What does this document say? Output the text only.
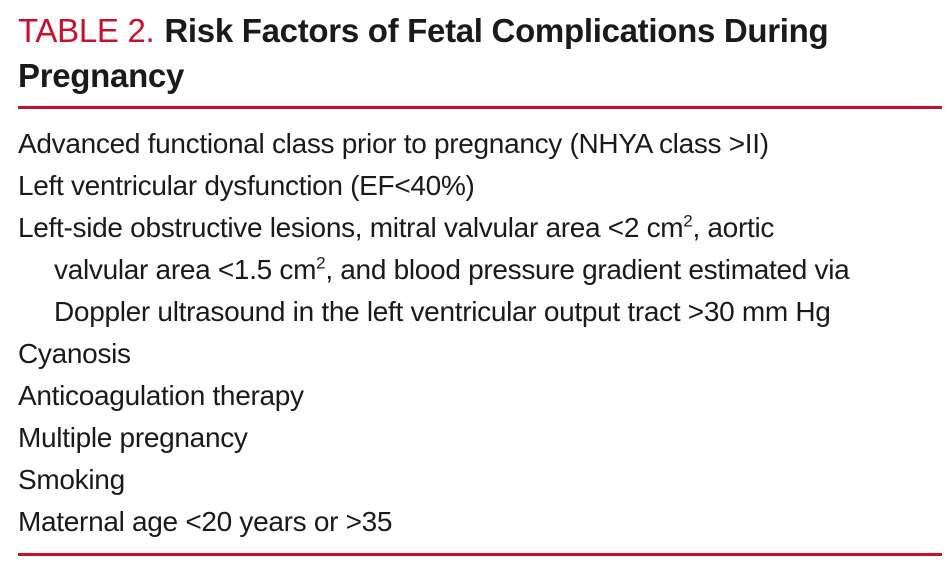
TABLE 2. Risk Factors of Fetal Complications During Pregnancy
Advanced functional class prior to pregnancy (NHYA class >II)
Left ventricular dysfunction (EF<40%)
Left-side obstructive lesions, mitral valvular area <2 $cm^2$, aortic
valvular area <1.5 $cm^2$, and blood pressure gradient estimated via
Doppler ultrasound in the left ventricular output tract >30 mm Hg
Cyanosis
Anticoagulation therapy
Multiple pregnancy
Smoking
Maternal age <20 years or >35
